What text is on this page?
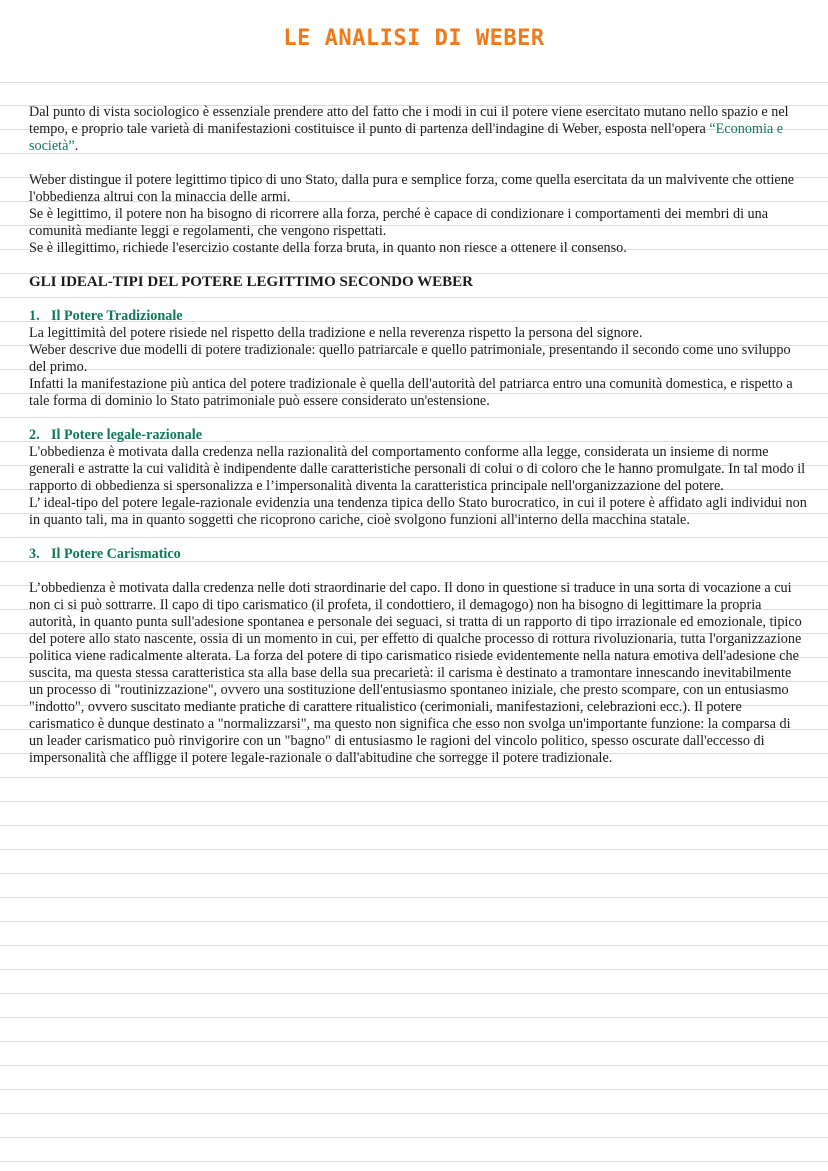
LE ANALISI DI WEBER

Dal punto di vista sociologico è essenziale prendere atto del fatto che i modi in cui il potere viene esercitato mutano nello spazio e nel tempo, e proprio tale varietà di manifestazioni costituisce il punto di partenza dell'indagine di Weber, esposta nell'opera “Economia e società”.

Weber distingue il potere legittimo tipico di uno Stato, dalla pura e semplice forza, come quella esercitata da un malvivente che ottiene l'obbedienza altrui con la minaccia delle armi.

Se è legittimo, il potere non ha bisogno di ricorrere alla forza, perché è capace di condizionare i comportamenti dei membri di una comunità mediante leggi e regolamenti, che vengono rispettati.

Se è illegittimo, richiede l'esercizio costante della forza bruta, in quanto non riesce a ottenere il consenso.

GLI IDEAL-TIPI DEL POTERE LEGITTIMO SECONDO WEBER

1. Il Potere Tradizionale

La legittimità del potere risiede nel rispetto della tradizione e nella reverenza rispetto la persona del signore.

Weber descrive due modelli di potere tradizionale: quello patriarcale e quello patrimoniale, presentando il secondo come uno sviluppo del primo.

Infatti la manifestazione più antica del potere tradizionale è quella dell'autorità del patriarca entro una comunità domestica, e rispetto a tale forma di dominio lo Stato patrimoniale può essere considerato un'estensione.

2. Il Potere legale-razionale

L'obbedienza è motivata dalla credenza nella razionalità del comportamento conforme alla legge, considerata un insieme di norme generali e astratte la cui validità è indipendente dalle caratteristiche personali di colui o di coloro che le hanno promulgate. In tal modo il rapporto di obbedienza si spersonalizza e l’impersonalità diventa la caratteristica principale nell'organizzazione del potere.

L’ ideal-tipo del potere legale-razionale evidenzia una tendenza tipica dello Stato burocratico, in cui il potere è affidato agli individui non in quanto tali, ma in quanto soggetti che ricoprono cariche, cioè svolgono funzioni all'interno della macchina statale.

3. Il Potere Carismatico

L’obbedienza è motivata dalla credenza nelle doti straordinarie del capo. Il dono in questione si traduce in una sorta di vocazione a cui non ci si può sottrarre. Il capo di tipo carismatico (il profeta, il condottiero, il demagogo) non ha bisogno di legittimare la propria autorità, in quanto punta sull'adesione spontanea e personale dei seguaci, si tratta di un rapporto di tipo irrazionale ed emozionale, tipico del potere allo stato nascente, ossia di un momento in cui, per effetto di qualche processo di rottura rivoluzionaria, tutta l'organizzazione politica viene radicalmente alterata. La forza del potere di tipo carismatico risiede evidentemente nella natura emotiva dell'adesione che suscita, ma questa stessa caratteristica sta alla base della sua precarietà: il carisma è destinato a tramontare innescando inevitabilmente un processo di "routinizzazione", ovvero una sostituzione dell'entusiasmo spontaneo iniziale, che presto scompare, con un entusiasmo "indotto", ovvero suscitato mediante pratiche di carattere ritualistico (cerimoniali, manifestazioni, celebrazioni ecc.). Il potere carismatico è dunque destinato a "normalizzarsi", ma questo non significa che esso non svolga un'importante funzione: la comparsa di un leader carismatico può rinvigorire con un "bagno" di entusiasmo le ragioni del vincolo politico, spesso oscurate dall'eccesso di impersonalità che affligge il potere legale-razionale o dall'abitudine che sorregge il potere tradizionale.
